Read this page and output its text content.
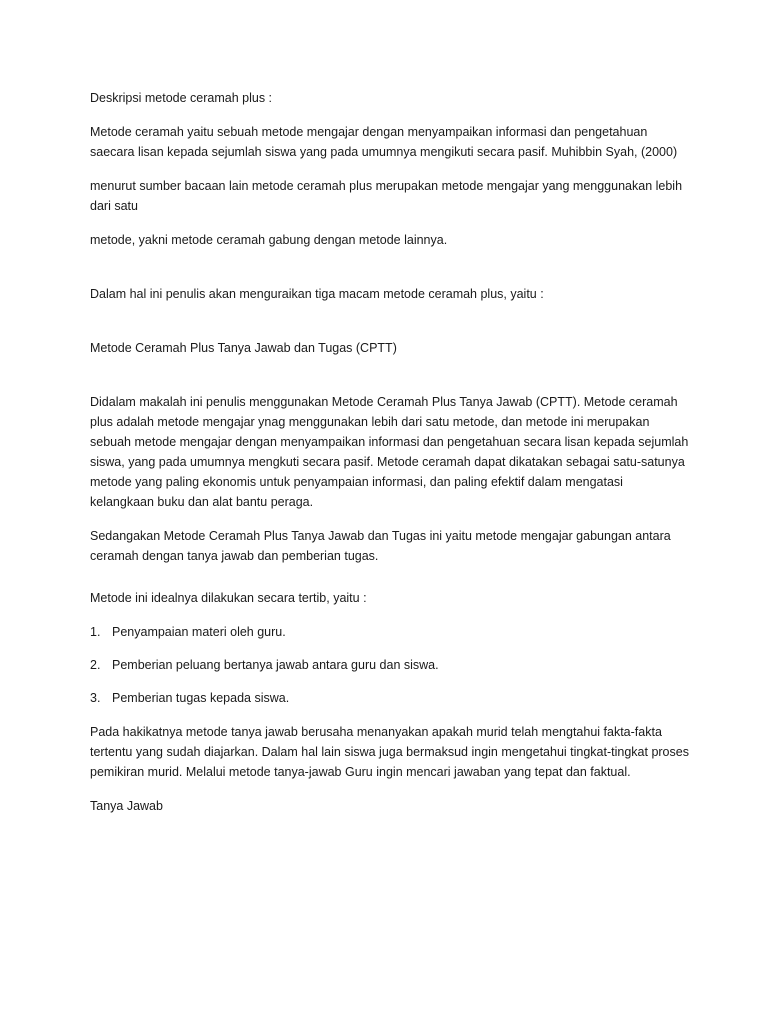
Deskripsi metode ceramah plus :

Metode ceramah yaitu sebuah metode mengajar dengan menyampaikan informasi dan pengetahuan saecara lisan kepada sejumlah siswa yang pada umumnya mengikuti secara pasif. Muhibbin Syah, (2000)

menurut sumber bacaan lain metode ceramah plus merupakan metode mengajar yang menggunakan lebih dari satu

metode, yakni metode ceramah gabung dengan metode lainnya.

Dalam hal ini penulis akan menguraikan tiga macam metode ceramah plus, yaitu :

Metode Ceramah Plus Tanya Jawab dan Tugas (CPTT)

Didalam makalah ini penulis menggunakan Metode Ceramah Plus Tanya Jawab (CPTT). Metode ceramah plus adalah metode mengajar ynag menggunakan lebih dari satu metode, dan metode ini merupakan sebuah metode mengajar dengan menyampaikan informasi dan pengetahuan secara lisan kepada sejumlah siswa, yang pada umumnya mengkuti secara pasif. Metode ceramah dapat dikatakan sebagai satu-satunya metode yang paling ekonomis untuk penyampaian informasi, dan paling efektif dalam mengatasi kelangkaan buku dan alat bantu peraga.

Sedangakan Metode Ceramah Plus Tanya Jawab dan Tugas ini yaitu metode mengajar gabungan antara ceramah dengan tanya jawab dan pemberian tugas.

Metode ini idealnya dilakukan secara tertib, yaitu :

1. Penyampaian materi oleh guru.
2. Pemberian peluang bertanya jawab antara guru dan siswa.
3. Pemberian tugas kepada siswa.

Pada hakikatnya metode tanya jawab berusaha menanyakan apakah murid telah mengtahui fakta-fakta tertentu yang sudah diajarkan. Dalam hal lain siswa juga bermaksud ingin mengetahui tingkat-tingkat proses pemikiran murid. Melalui metode tanya-jawab Guru ingin mencari jawaban yang tepat dan faktual.

Tanya Jawab
